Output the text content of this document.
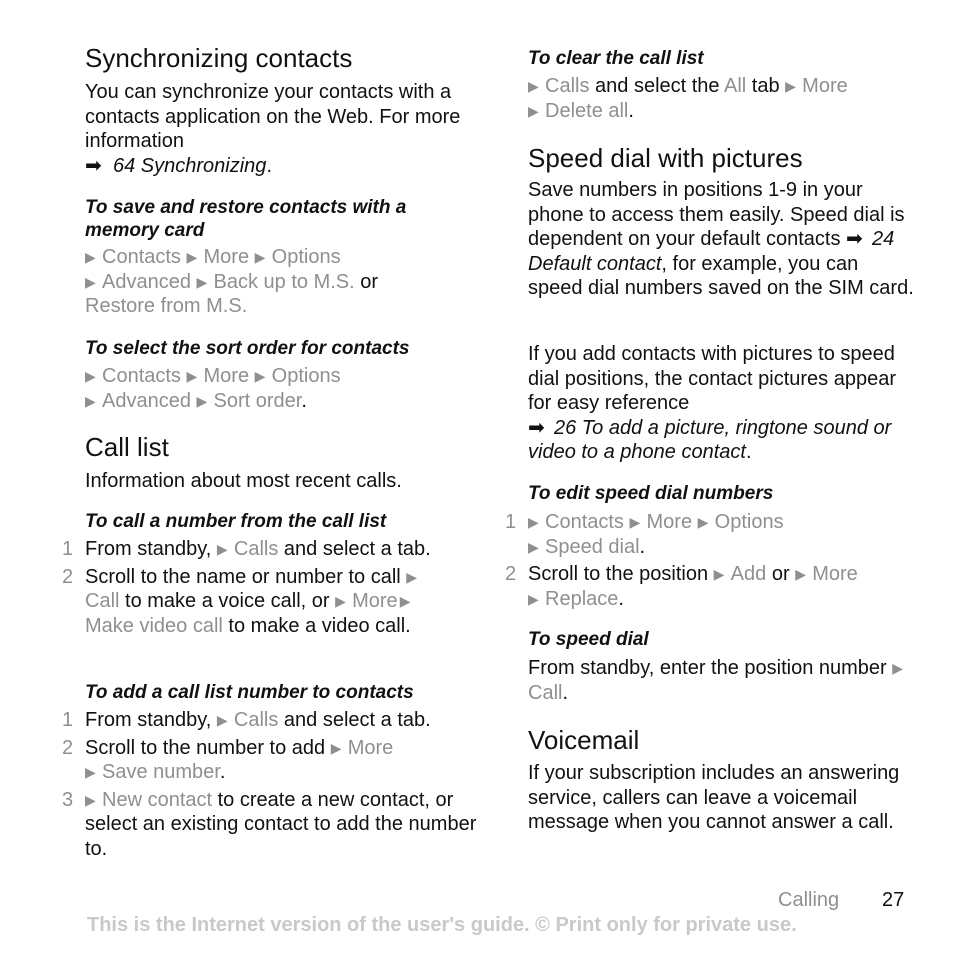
Synchronizing contacts
You can synchronize your contacts with a contacts application on the Web. For more information
➡ 64 Synchronizing.
To save and restore contacts with a memory card
▶ Contacts ▶ More ▶ Options
▶ Advanced ▶ Back up to M.S. or
Restore from M.S.
To select the sort order for contacts
▶ Contacts ▶ More ▶ Options
▶ Advanced ▶ Sort order.
Call list
Information about most recent calls.
To call a number from the call list
1 From standby, ▶ Calls and select a tab.
2 Scroll to the name or number to call ▶
Call to make a voice call, or ▶ More ▶
Make video call to make a video call.
To add a call list number to contacts
1 From standby, ▶ Calls and select a tab.
2 Scroll to the number to add ▶ More
▶ Save number.
3 ▶ New contact to create a new contact, or select an existing contact to add the number to.
To clear the call list
▶ Calls and select the All tab ▶ More
▶ Delete all.
Speed dial with pictures
Save numbers in positions 1-9 in your phone to access them easily. Speed dial is dependent on your default contacts ➡ 24 Default contact, for example, you can speed dial numbers saved on the SIM card.
If you add contacts with pictures to speed dial positions, the contact pictures appear for easy reference
➡ 26 To add a picture, ringtone sound or video to a phone contact.
To edit speed dial numbers
1 ▶ Contacts ▶ More ▶ Options
▶ Speed dial.
2 Scroll to the position ▶ Add or ▶ More
▶ Replace.
To speed dial
From standby, enter the position number ▶Call.
Voicemail
If your subscription includes an answering service, callers can leave a voicemail message when you cannot answer a call.
Calling 27
This is the Internet version of the user's guide. © Print only for private use.
